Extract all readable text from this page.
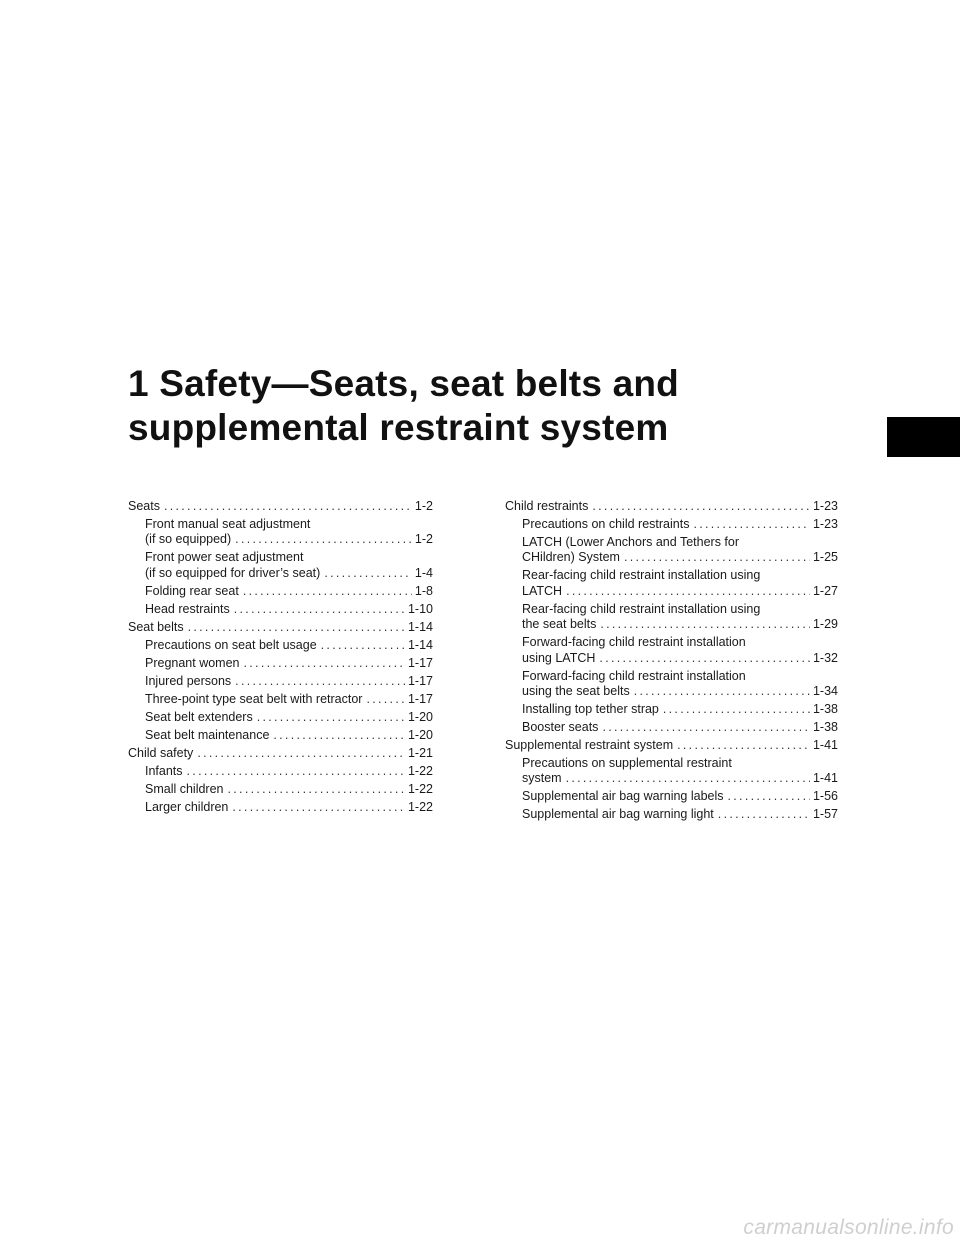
1 Safety—Seats, seat belts and
supplemental restraint system
Seats .....	1-2
Front manual seat adjustment
(if so equipped) .....	1-2
Front power seat adjustment
(if so equipped for driver’s seat) .....	1-4
Folding rear seat .....	1-8
Head restraints .....	1-10
Seat belts .....	1-14
Precautions on seat belt usage .....	1-14
Pregnant women .....	1-17
Injured persons .....	1-17
Three-point type seat belt with retractor .....	1-17
Seat belt extenders .....	1-20
Seat belt maintenance .....	1-20
Child safety .....	1-21
Infants .....	1-22
Small children .....	1-22
Larger children .....	1-22
Child restraints .....	1-23
Precautions on child restraints .....	1-23
LATCH (Lower Anchors and Tethers for
CHildren) System .....	1-25
Rear-facing child restraint installation using
LATCH .....	1-27
Rear-facing child restraint installation using
the seat belts .....	1-29
Forward-facing child restraint installation
using LATCH .....	1-32
Forward-facing child restraint installation
using the seat belts .....	1-34
Installing top tether strap .....	1-38
Booster seats .....	1-38
Supplemental restraint system .....	1-41
Precautions on supplemental restraint
system .....	1-41
Supplemental air bag warning labels .....	1-56
Supplemental air bag warning light .....	1-57
carmanualsonline.info
